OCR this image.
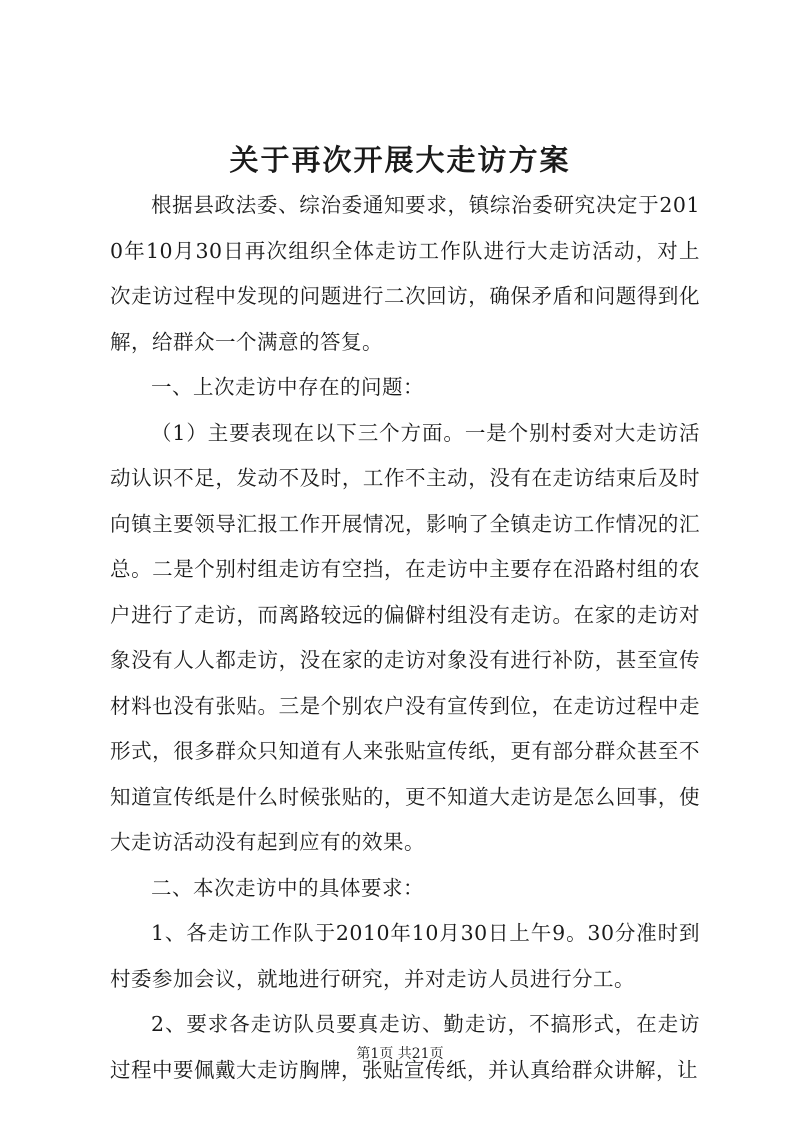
关于再次开展大走访方案

根据县政法委、综治委通知要求，镇综治委研究决定于2010年10月30日再次组织全体走访工作队进行大走访活动，对上次走访过程中发现的问题进行二次回访，确保矛盾和问题得到化解，给群众一个满意的答复。

一、上次走访中存在的问题：

（1）主要表现在以下三个方面。一是个别村委对大走访活动认识不足，发动不及时，工作不主动，没有在走访结束后及时向镇主要领导汇报工作开展情况，影响了全镇走访工作情况的汇总。二是个别村组走访有空挡，在走访中主要存在沿路村组的农户进行了走访，而离路较远的偏僻村组没有走访。在家的走访对象没有人人都走访，没在家的走访对象没有进行补防，甚至宣传材料也没有张贴。三是个别农户没有宣传到位，在走访过程中走形式，很多群众只知道有人来张贴宣传纸，更有部分群众甚至不知道宣传纸是什么时候张贴的，更不知道大走访是怎么回事，使大走访活动没有起到应有的效果。

二、本次走访中的具体要求：

1、各走访工作队于2010年10月30日上午9。30分准时到村委参加会议，就地进行研究，并对走访人员进行分工。

2、要求各走访队员要真走访、勤走访，不搞形式，在走访过程中要佩戴大走访胸牌，张贴宣传纸，并认真给群众讲解，让

第1页 共21页
